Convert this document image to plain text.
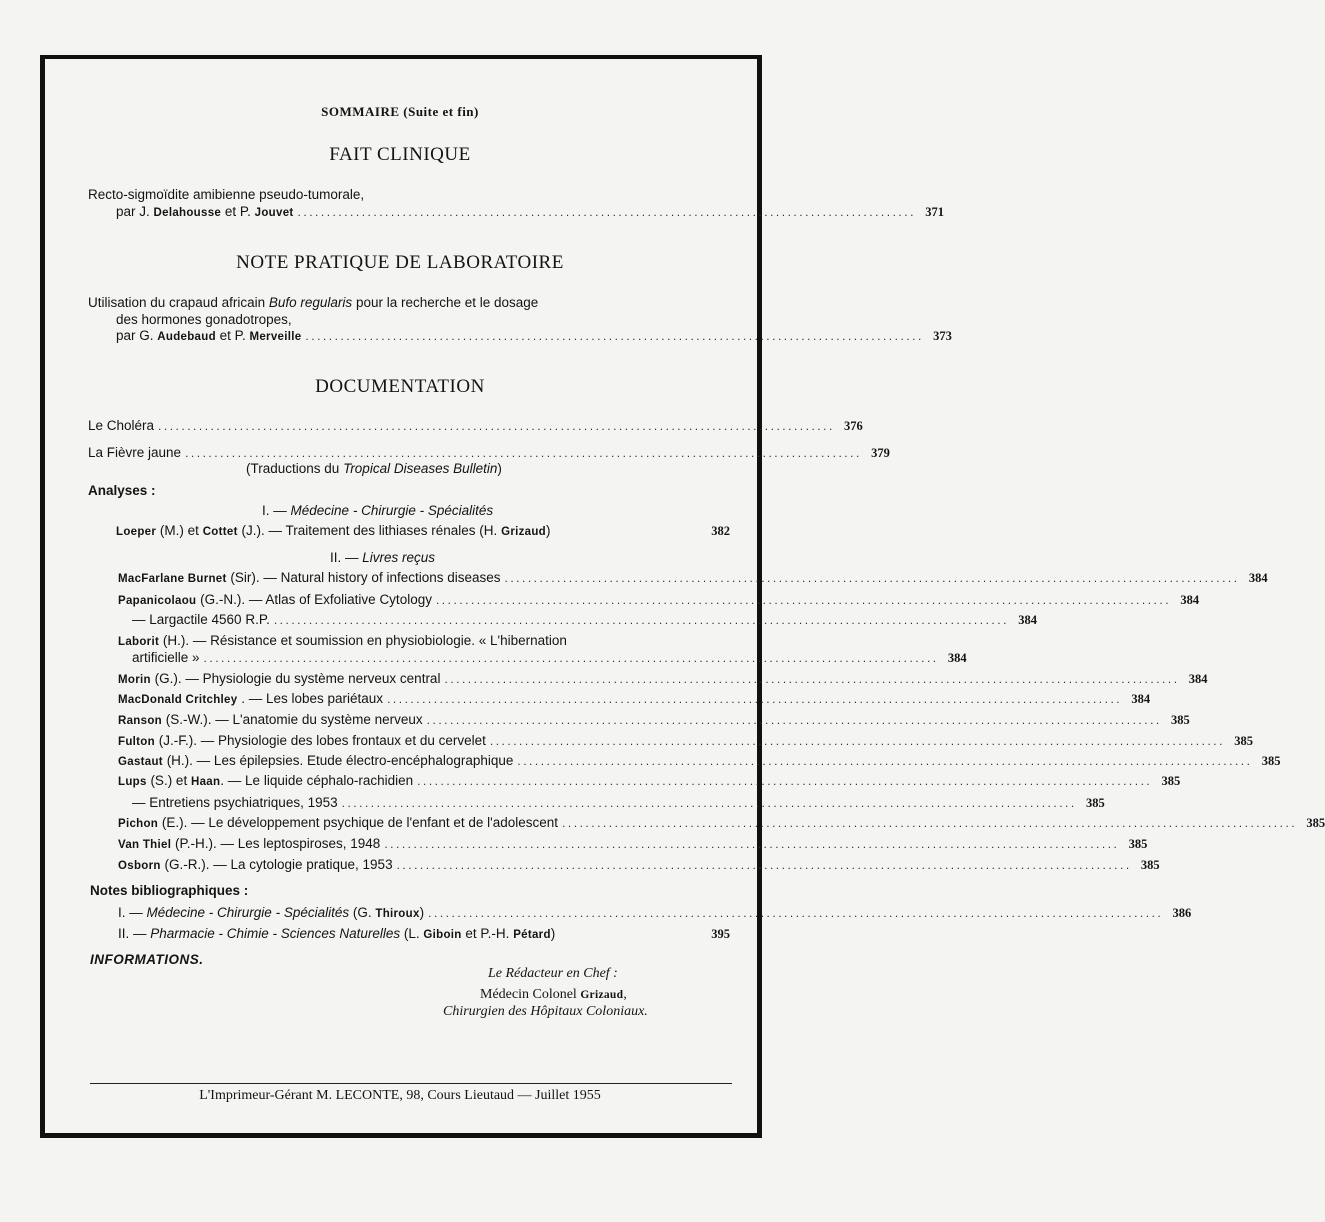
SOMMAIRE (Suite et fin)
FAIT CLINIQUE
Recto-sigmoïdite amibienne pseudo-tumorale,
par J. Delahousse et P. Jouvet .......................................................................................................... 371
NOTE PRATIQUE DE LABORATOIRE
Utilisation du crapaud africain Bufo regularis pour la recherche et le dosage
des hormones gonadotropes,
par G. Audebaud et P. Merveille .......................................................................................................... 373
DOCUMENTATION
Le Choléra .................................................................................................................... 376
La Fièvre jaune .................................................................................................................... 379
(Traductions du Tropical Diseases Bulletin)
Analyses :
I. — Médecine - Chirurgie - Spécialités
Loeper (M.) et Cottet (J.). — Traitement des lithiases rénales (H. Grizaud)	382
II. — Livres reçus
MacFarlane Burnet (Sir). — Natural history of infections diseases .............................................................................................................................. 384
Papanicolaou (G.-N.). — Atlas of Exfoliative Cytology .............................................................................................................................. 384
— Largactile 4560 R.P. .............................................................................................................................. 384
Laborit (H.). — Résistance et soumission en physiobiologie. « L'hibernation
artificielle » .............................................................................................................................. 384
Morin (G.). — Physiologie du système nerveux central .............................................................................................................................. 384
MacDonald Critchley . — Les lobes pariétaux .............................................................................................................................. 384
Ranson (S.-W.). — L'anatomie du système nerveux .............................................................................................................................. 385
Fulton (J.-F.). — Physiologie des lobes frontaux et du cervelet .............................................................................................................................. 385
Gastaut (H.). — Les épilepsies. Etude électro-encéphalographique .............................................................................................................................. 385
Lups (S.) et Haan. — Le liquide céphalo-rachidien .............................................................................................................................. 385
— Entretiens psychiatriques, 1953 .............................................................................................................................. 385
Pichon (E.). — Le développement psychique de l'enfant et de l'adolescent .............................................................................................................................. 385
Van Thiel (P.-H.). — Les leptospiroses, 1948 .............................................................................................................................. 385
Osborn (G.-R.). — La cytologie pratique, 1953 .............................................................................................................................. 385
Notes bibliographiques :
I. — Médecine - Chirurgie - Spécialités (G. Thiroux) .............................................................................................................................. 386
II. — Pharmacie - Chimie - Sciences Naturelles (L. Giboin et P.-H. Pétard)	395
INFORMATIONS.
Le Rédacteur en Chef :
Médecin Colonel Grizaud,
Chirurgien des Hôpitaux Coloniaux.
L'Imprimeur-Gérant M. LECONTE, 98, Cours Lieutaud — Juillet 1955
